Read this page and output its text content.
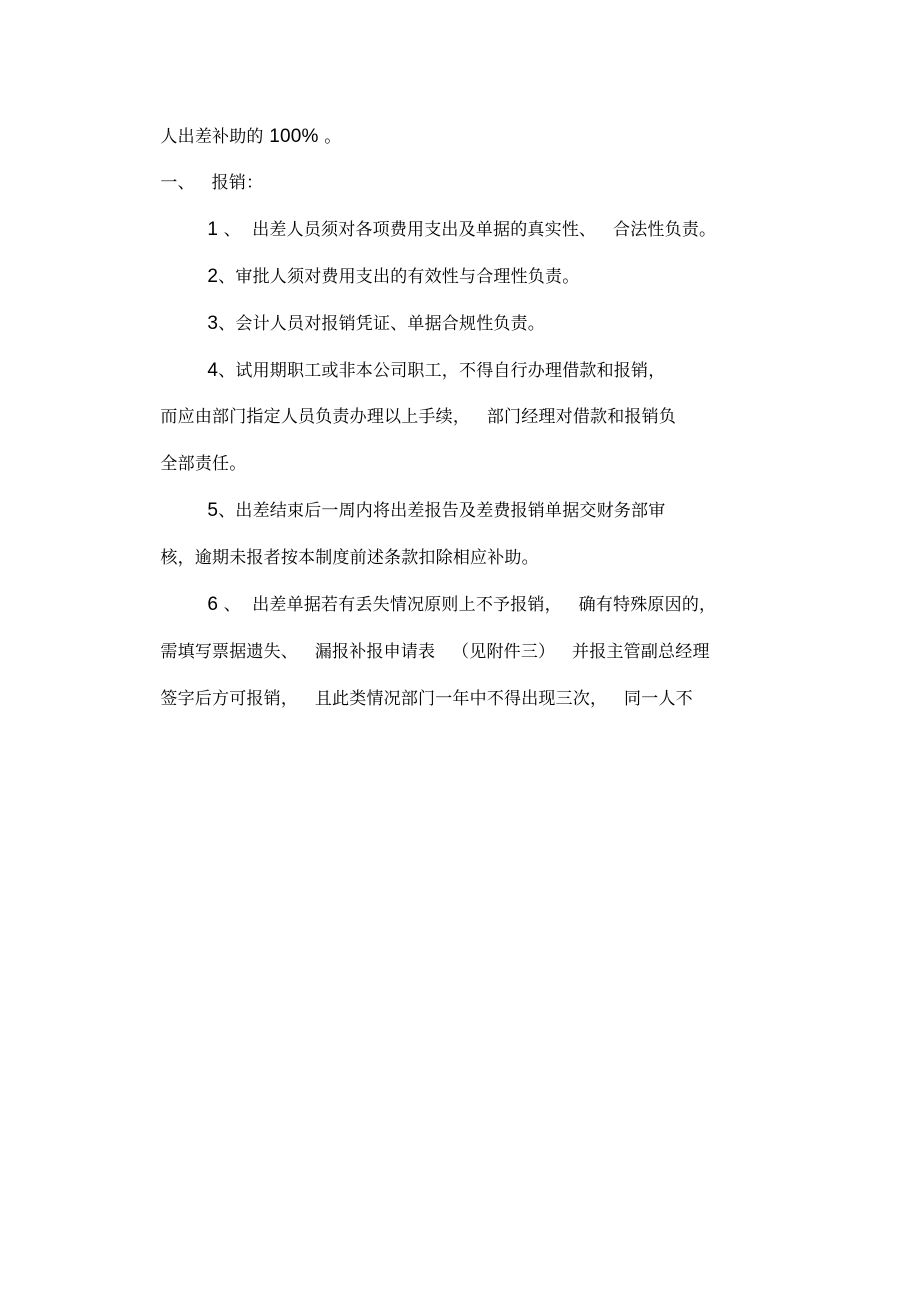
人出差补助的 100% 。

一、   报销：

1 、  出差人员须对各项费用支出及单据的真实性、   合法性负责。

2、审批人须对费用支出的有效性与合理性负责。

3、会计人员对报销凭证、单据合规性负责。

4、试用期职工或非本公司职工，不得自行办理借款和报销，

而应由部门指定人员负责办理以上手续，   部门经理对借款和报销负

全部责任。

5、出差结束后一周内将出差报告及差费报销单据交财务部审

核，逾期未报者按本制度前述条款扣除相应补助。

6 、  出差单据若有丢失情况原则上不予报销，   确有特殊原因的，

需填写票据遗失、   漏报补报申请表   （见附件三）   并报主管副总经理

签字后方可报销，   且此类情况部门一年中不得出现三次，   同一人不
